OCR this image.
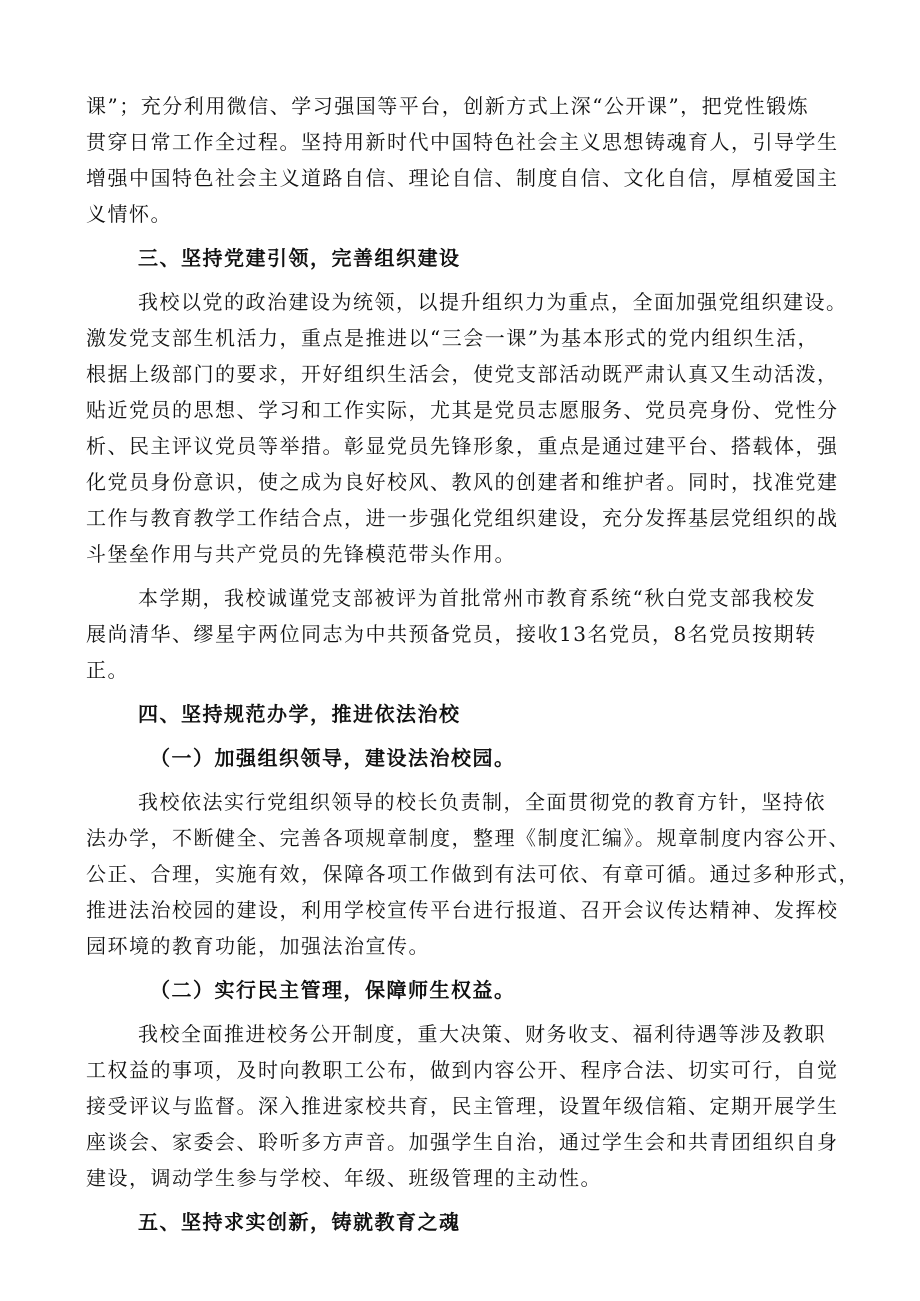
课”；充分利用微信、学习强国等平台，创新方式上深“公开课”，把党性锻炼
贯穿日常工作全过程。坚持用新时代中国特色社会主义思想铸魂育人，引导学生
增强中国特色社会主义道路自信、理论自信、制度自信、文化自信，厚植爱国主
义情怀。
三、坚持党建引领，完善组织建设
我校以党的政治建设为统领，以提升组织力为重点，全面加强党组织建设。
激发党支部生机活力，重点是推进以“三会一课”为基本形式的党内组织生活，
根据上级部门的要求，开好组织生活会，使党支部活动既严肃认真又生动活泼，
贴近党员的思想、学习和工作实际，尤其是党员志愿服务、党员亮身份、党性分
析、民主评议党员等举措。彰显党员先锋形象，重点是通过建平台、搭载体，强
化党员身份意识，使之成为良好校风、教风的创建者和维护者。同时，找准党建
工作与教育教学工作结合点，进一步强化党组织建设，充分发挥基层党组织的战
斗堡垒作用与共产党员的先锋模范带头作用。
本学期，我校诚谨党支部被评为首批常州市教育系统“秋白党支部我校发
展尚清华、缪星宇两位同志为中共预备党员，接收13名党员，8名党员按期转
正。
四、坚持规范办学，推进依法治校
（一）加强组织领导，建设法治校园。
我校依法实行党组织领导的校长负责制，全面贯彻党的教育方针，坚持依
法办学，不断健全、完善各项规章制度，整理《制度汇编》。规章制度内容公开、
公正、合理，实施有效，保障各项工作做到有法可依、有章可循。通过多种形式，
推进法治校园的建设，利用学校宣传平台进行报道、召开会议传达精神、发挥校
园环境的教育功能，加强法治宣传。
（二）实行民主管理，保障师生权益。
我校全面推进校务公开制度，重大决策、财务收支、福利待遇等涉及教职
工权益的事项，及时向教职工公布，做到内容公开、程序合法、切实可行，自觉
接受评议与监督。深入推进家校共育，民主管理，设置年级信箱、定期开展学生
座谈会、家委会、聆听多方声音。加强学生自治，通过学生会和共青团组织自身
建设，调动学生参与学校、年级、班级管理的主动性。
五、坚持求实创新，铸就教育之魂
